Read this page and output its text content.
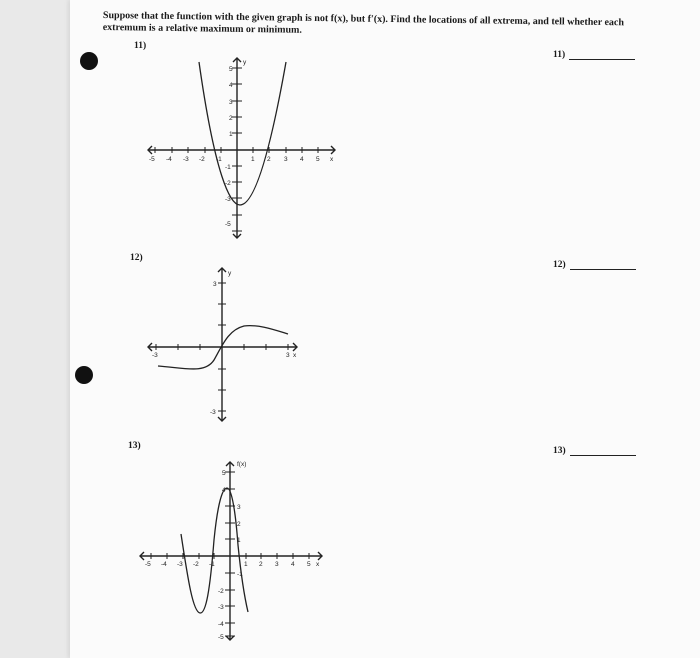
Suppose that the function with the given graph is not f(x), but f′(x). Find the locations of all extrema, and tell whether each extremum is a relative maximum or minimum.
11)
11)
12)
12)
13)	13)
-5 -4 -3 -2 -1	1 2 3 4 5 x
y
5
4
3
2
1
-1
-2
-3
-5
-3	3 x
y
3
-3
-5 -4 -3 -2 -1	1 2 3 4 5 x
f(x)
5
4
3
2
1
-1
-2
-3
-4
-5
